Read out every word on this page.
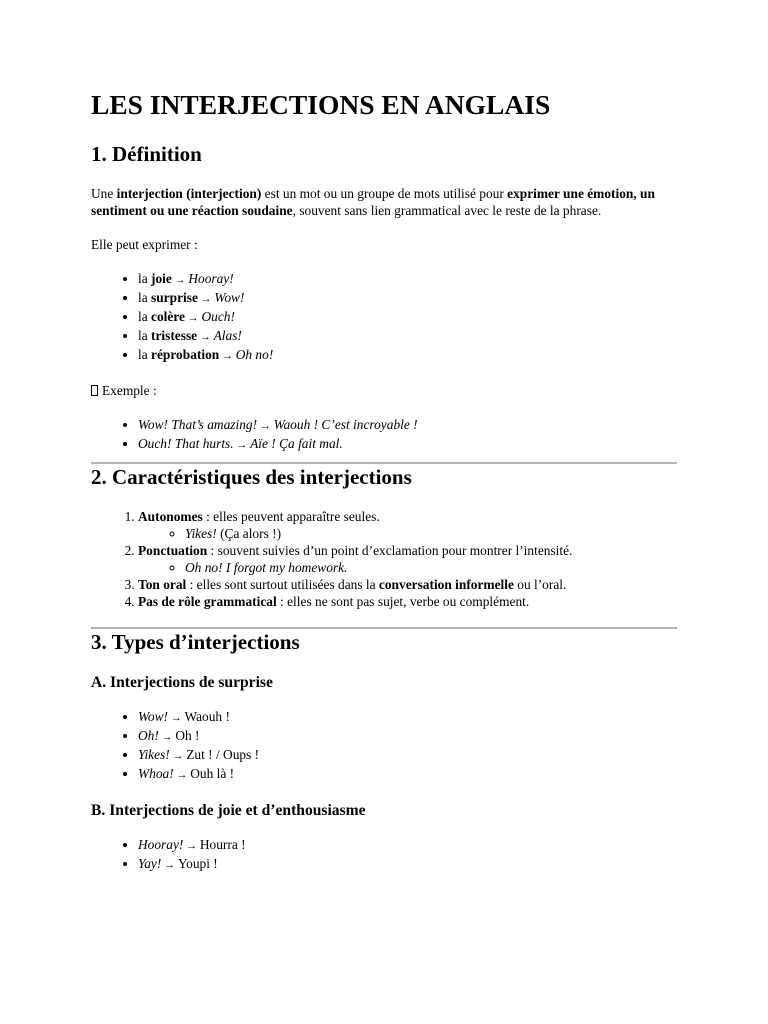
LES INTERJECTIONS EN ANGLAIS
1. Définition

Une interjection (interjection) est un mot ou un groupe de mots utilisé pour exprimer une émotion, un sentiment ou une réaction soudaine, souvent sans lien grammatical avec le reste de la phrase.

Elle peut exprimer :

• la joie → Hooray!
• la surprise → Wow!
• la colère → Ouch!
• la tristesse → Alas!
• la réprobation → Oh no!

Exemple :

• Wow! That’s amazing! → Waouh ! C’est incroyable !
• Ouch! That hurts. → Aïe ! Ça fait mal.
2. Caractéristiques des interjections
1. Autonomes : elles peuvent apparaître seules.
◦ Yikes! (Ça alors !)
2. Ponctuation : souvent suivies d’un point d’exclamation pour montrer l’intensité.
◦ Oh no! I forgot my homework.
3. Ton oral : elles sont surtout utilisées dans la conversation informelle ou l’oral.
4. Pas de rôle grammatical : elles ne sont pas sujet, verbe ou complément.
3. Types d’interjections
A. Interjections de surprise
• Wow! → Waouh !
• Oh! → Oh !
• Yikes! → Zut ! / Oups !
• Whoa! → Ouh là !
B. Interjections de joie et d’enthousiasme
• Hooray! → Hourra !
• Yay! → Youpi !
